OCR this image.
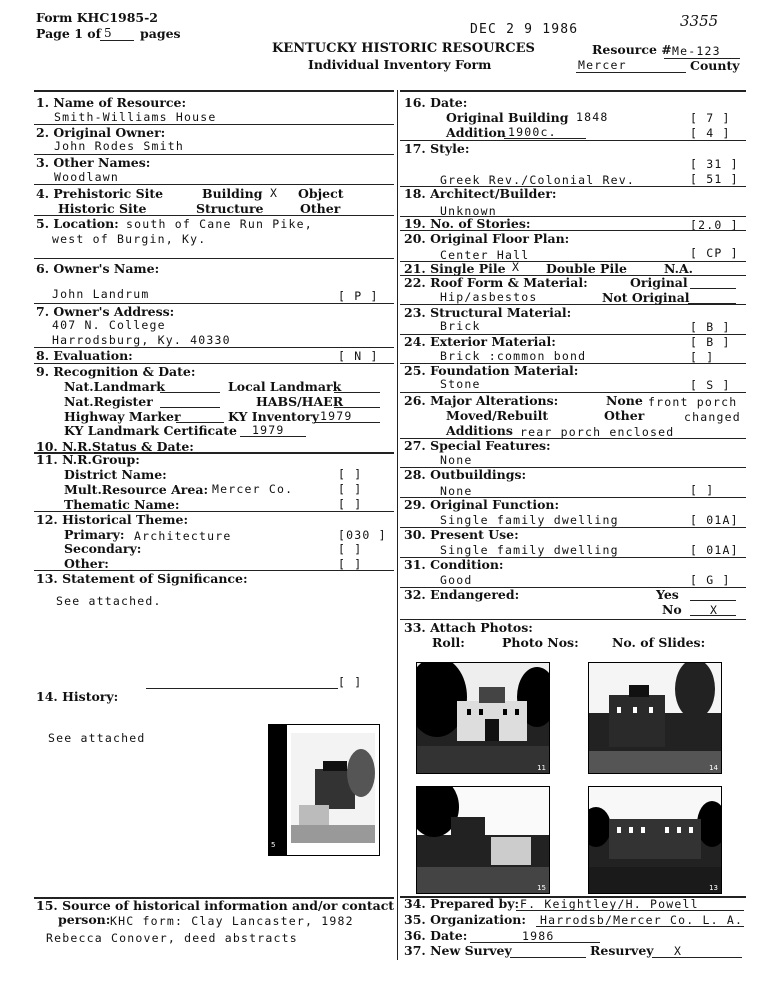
Form KHC1985-2
Page 1 of 5 pages	DEC 2 9 1986	3355
KENTUCKY HISTORIC RESOURCES
Individual Inventory Form
Resource # Me-123
Mercer	County
1. Name of Resource:
Smith-Williams House
2. Original Owner:
John Rodes Smith
3. Other Names:
Woodlawn
4. Prehistoric Site	Building X Object
Historic Site	Structure	Other
5. Location: south of Cane Run Pike,
west of Burgin, Ky.
6. Owner's Name:
John Landrum	[ P ]
7. Owner's Address:
407 N. College
Harrodsburg, Ky. 40330
8. Evaluation:	[ N ]
9. Recognition & Date:
Nat.Landmark	Local Landmark
Nat.Register	HABS/HAER
Highway Marker	KY Inventory 1979
KY Landmark Certificate 1979
10. N.R.Status & Date:
11. N.R.Group:
District Name:	[ ]
Mult.Resource Area: Mercer Co.	[ ]
Thematic Name:	[ ]
12. Historical Theme:
Primary: Architecture	[030 ]
Secondary:	[ ]
Other:	[ ]
13. Statement of Significance:
See attached.
[ ]
14. History:
See attached
5
15. Source of historical information and/or contact
person: KHC form: Clay Lancaster, 1982
Rebecca Conover, deed abstracts
16. Date:
Original Building 1848	[ 7 ]
Addition 1900c.	[ 4 ]
17. Style:
[ 31 ]
Greek Rev./Colonial Rev.	[ 51 ]
18. Architect/Builder:
Unknown
19. No. of Stories:	[2.0 ]
20. Original Floor Plan:
Center Hall	[ CP ]
21. Single Pile X Double Pile	N.A.
22. Roof Form & Material:	Original
Hip/asbestos	Not Original
23. Structural Material:
Brick	[ B ]
24. Exterior Material:	[ B ]
Brick :common bond	[ ]
25. Foundation Material:
Stone	[ S ]
26. Major Alterations:	None front porch
Moved/Rebuilt	Other	changed
Additions rear porch enclosed
27. Special Features:
None
28. Outbuildings:
None	[ ]
29. Original Function:
Single family dwelling	[ 01A]
30. Present Use:
Single family dwelling	[ 01A]
31. Condition:
Good	[ G ]
32. Endangered:	Yes
No X
33. Attach Photos:
Roll:	Photo Nos:	No. of Slides:
11	14
15	13
34. Prepared by: F. Keightley/H. Powell
35. Organization: Harrodsb/Mercer Co. L. A.
36. Date:	1986
37. New Survey	Resurvey X
